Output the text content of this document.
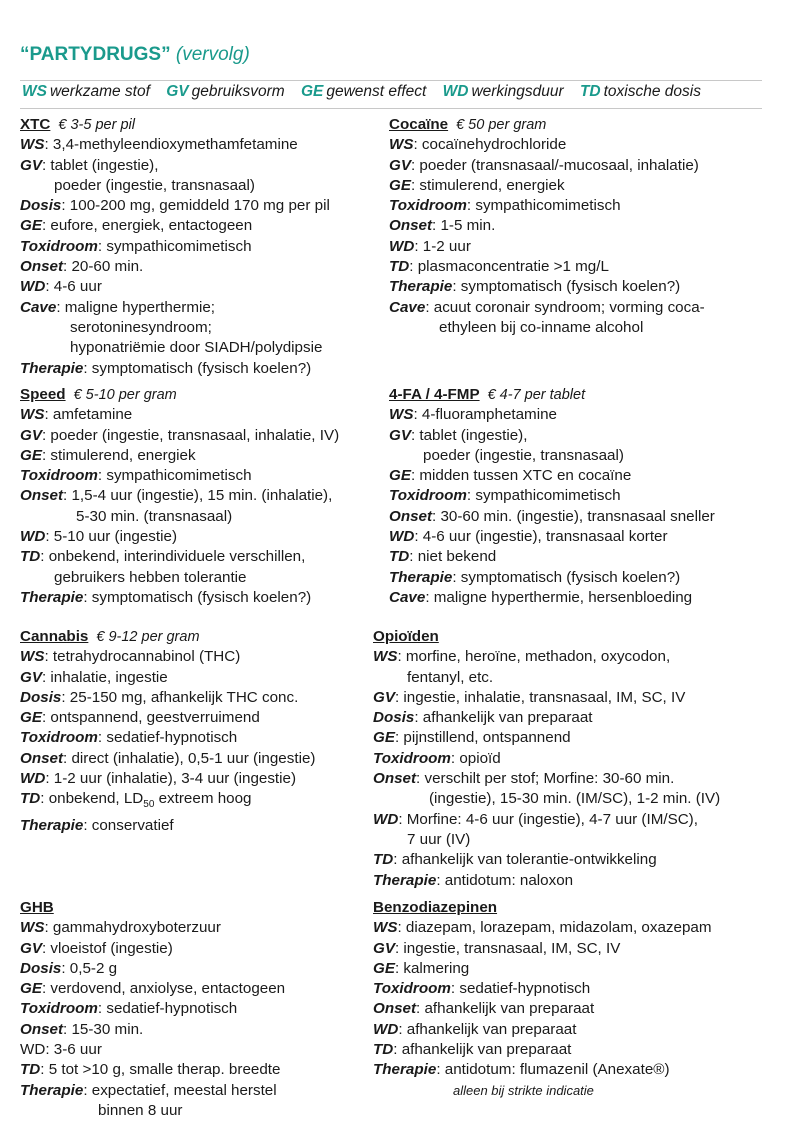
“PARTYDRUGS” (vervolg)
WS werkzame stof GV gebruiksvorm GE gewenst effect WD werkingsduur TD toxische dosis
XTC € 3-5 per pil
WS: 3,4-methyleendioxymethamfetamine
GV: tablet (ingestie),
poeder (ingestie, transnasaal)
Dosis: 100-200 mg, gemiddeld 170 mg per pil
GE: eufore, energiek, entactogeen
Toxidroom: sympathicomimetisch
Onset: 20-60 min.
WD: 4-6 uur
Cave: maligne hyperthermie;
serotoninesyndroom;
hyponatriëmie door SIADH/polydipsie
Therapie: symptomatisch (fysisch koelen?)
Cocaïne € 50 per gram
WS: cocaïnehydrochloride
GV: poeder (transnasaal/-mucosaal, inhalatie)
GE: stimulerend, energiek
Toxidroom: sympathicomimetisch
Onset: 1-5 min.
WD: 1-2 uur
TD: plasmaconcentratie >1 mg/L
Therapie: symptomatisch (fysisch koelen?)
Cave: acuut coronair syndroom; vorming coca-
ethyleen bij co-inname alcohol
Speed € 5-10 per gram
WS: amfetamine
GV: poeder (ingestie, transnasaal, inhalatie, IV)
GE: stimulerend, energiek
Toxidroom: sympathicomimetisch
Onset: 1,5-4 uur (ingestie), 15 min. (inhalatie),
5-30 min. (transnasaal)
WD: 5-10 uur (ingestie)
TD: onbekend, interindividuele verschillen,
gebruikers hebben tolerantie
Therapie: symptomatisch (fysisch koelen?)
4-FA / 4-FMP € 4-7 per tablet
WS: 4-fluoramphetamine
GV: tablet (ingestie),
poeder (ingestie, transnasaal)
GE: midden tussen XTC en cocaïne
Toxidroom: sympathicomimetisch
Onset: 30-60 min. (ingestie), transnasaal sneller
WD: 4-6 uur (ingestie), transnasaal korter
TD: niet bekend
Therapie: symptomatisch (fysisch koelen?)
Cave: maligne hyperthermie, hersenbloeding
Cannabis € 9-12 per gram
WS: tetrahydrocannabinol (THC)
GV: inhalatie, ingestie
Dosis: 25-150 mg, afhankelijk THC conc.
GE: ontspannend, geestverruimend
Toxidroom: sedatief-hypnotisch
Onset: direct (inhalatie), 0,5-1 uur (ingestie)
WD: 1-2 uur (inhalatie), 3-4 uur (ingestie)
TD: onbekend, $LD_{50}$ extreem hoog
Therapie: conservatief
Opioïden
WS: morfine, heroïne, methadon, oxycodon,
fentanyl, etc.
GV: ingestie, inhalatie, transnasaal, IM, SC, IV
Dosis: afhankelijk van preparaat
GE: pijnstillend, ontspannend
Toxidroom: opioïd
Onset: verschilt per stof; Morfine: 30-60 min.
(ingestie), 15-30 min. (IM/SC), 1-2 min. (IV)
WD: Morfine: 4-6 uur (ingestie), 4-7 uur (IM/SC),
7 uur (IV)
TD: afhankelijk van tolerantie-ontwikkeling
Therapie: antidotum: naloxon
GHB
WS: gammahydroxyboterzuur
GV: vloeistof (ingestie)
Dosis: 0,5-2 g
GE: verdovend, anxiolyse, entactogeen
Toxidroom: sedatief-hypnotisch
Onset: 15-30 min.
WD: 3-6 uur
TD: 5 tot >10 g, smalle therap. breedte
Therapie: expectatief, meestal herstel
binnen 8 uur
Benzodiazepinen
WS: diazepam, lorazepam, midazolam, oxazepam
GV: ingestie, transnasaal, IM, SC, IV
GE: kalmering
Toxidroom: sedatief-hypnotisch
Onset: afhankelijk van preparaat
WD: afhankelijk van preparaat
TD: afhankelijk van preparaat
Therapie: antidotum: flumazenil (Anexate®)
alleen bij strikte indicatie
